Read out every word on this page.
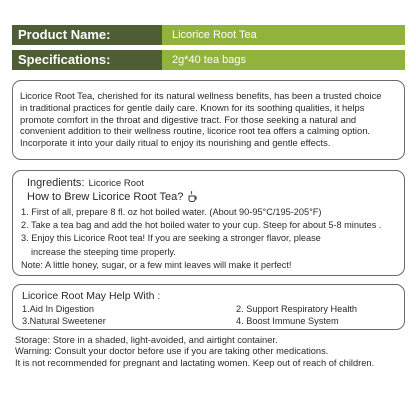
Product Name:	Licorice Root Tea
Specifications:	2g*40 tea bags
Licorice Root Tea, cherished for its natural wellness benefits, has been a trusted choice
in traditional practices for gentle daily care. Known for its soothing qualities, it helps
promote comfort in the throat and digestive tract. For those seeking a natural and
convenient addition to their wellness routine, licorice root tea offers a calming option.
Incorporate it into your daily ritual to enjoy its nourishing and gentle effects.
Ingredients: Licorice Root
How to Brew Licorice Root Tea?
1. First of all, prepare 8 fl. oz hot boiled water. (About 90-95°C/195-205°F)
2. Take a tea bag and add the hot boiled water to your cup. Steep for about 5-8 minutes .
3. Enjoy this Licorice Root tea! If you are seeking a stronger flavor, please
increase the steeping time properly.
Note: A little honey, sugar, or a few mint leaves will make it perfect!
Licorice Root May Help With :
1.Aid In Digestion	2. Support Respiratory Health
3.Natural Sweetener	4. Boost Immune System
Storage: Store in a shaded, light-avoided, and airtight container.
Warning: Consult your doctor before use if you are taking other medications.
It is not recommended for pregnant and lactating women. Keep out of reach of children.
